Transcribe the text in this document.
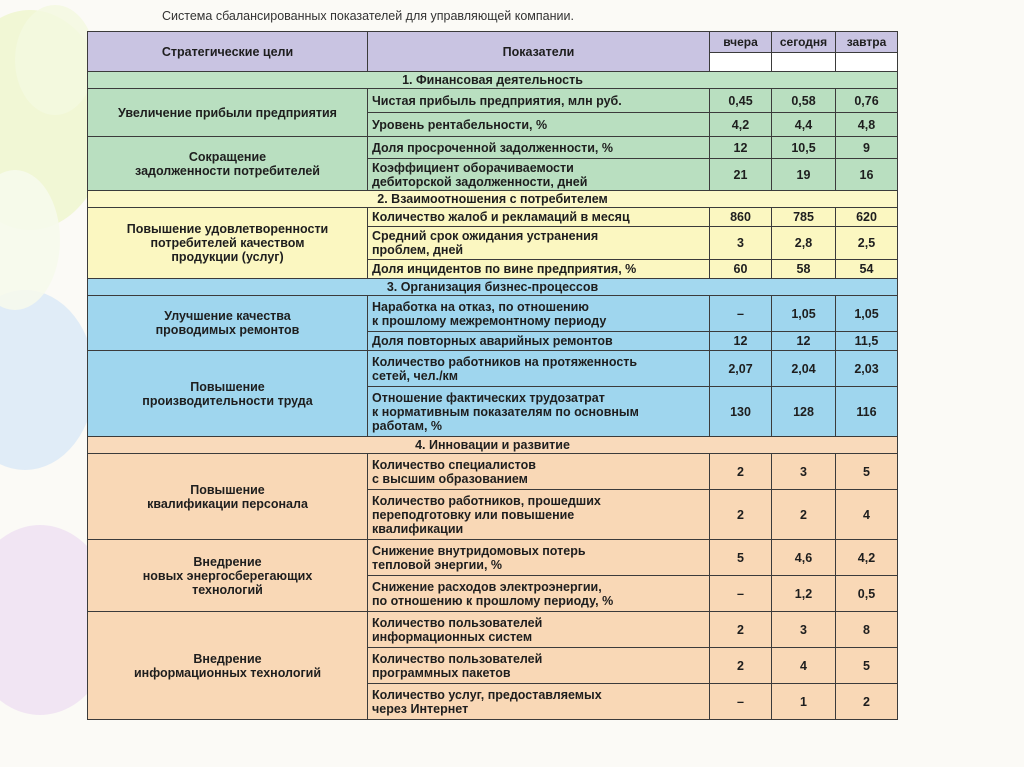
Система сбалансированных показателей для управляющей компании.
Стратегические цели	Показатели	вчера	сегодня	завтра

1. Финансовая деятельность				
Увеличение прибыли предприятия	Чистая прибыль предприятия, млн руб.	0,45	0,58	0,76
	Уровень рентабельности, %	4,2	4,4	4,8
Сокращение
задолженности потребителей	Доля просроченной задолженности, %	12	10,5	9
	Коэффициент оборачиваемости
дебиторской задолженности, дней	21	19	16
2. Взаимоотношения с потребителем				
Повышение удовлетворенности
потребителей качеством
продукции (услуг)	Количество жалоб и рекламаций в месяц	860	785	620
	Средний срок ожидания устранения
проблем, дней	3	2,8	2,5
	Доля инцидентов по вине предприятия, %	60	58	54
3. Организация бизнес-процессов				
Улучшение качества
проводимых ремонтов	Наработка на отказ, по отношению
к прошлому межремонтному периоду	–	1,05	1,05
	Доля повторных аварийных ремонтов	12	12	11,5
Повышение
производительности труда	Количество работников на протяженность
сетей, чел./км	2,07	2,04	2,03
	Отношение фактических трудозатрат
к нормативным показателям по основным
работам, %	130	128	116
4. Инновации и развитие				
Повышение
квалификации персонала	Количество специалистов
с высшим образованием	2	3	5
	Количество работников, прошедших
переподготовку или повышение
квалификации	2	2	4
Внедрение
новых энергосберегающих
технологий	Снижение внутридомовых потерь
тепловой энергии, %	5	4,6	4,2
	Снижение расходов электроэнергии,
по отношению к прошлому периоду, %	–	1,2	0,5
Внедрение
информационных технологий	Количество пользователей
информационных систем	2	3	8
	Количество пользователей
программных пакетов	2	4	5
	Количество услуг, предоставляемых
через Интернет	–	1	2
